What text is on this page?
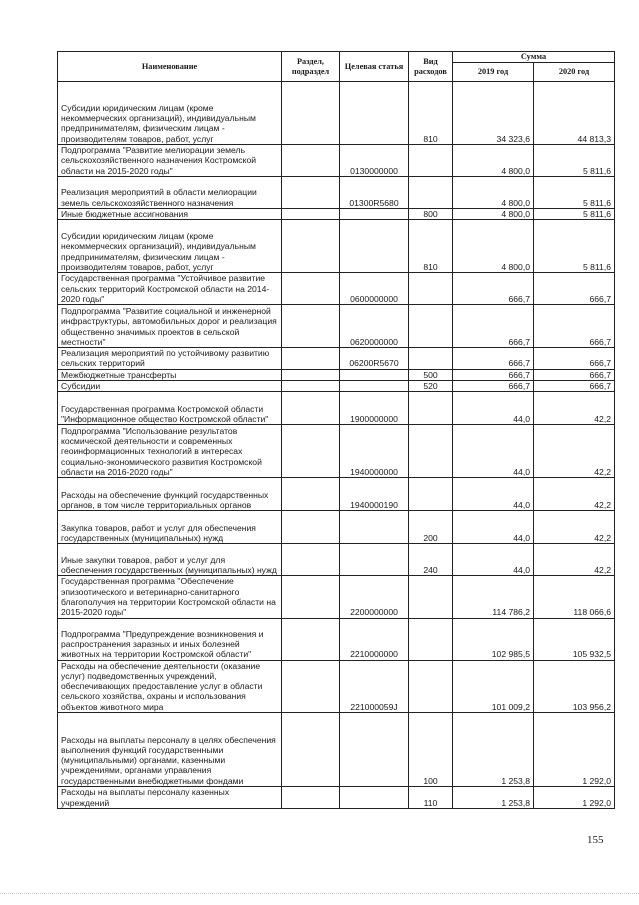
Наименование	Раздел, подраздел	Целевая статья	Вид расходов	Сумма	
				2019 год	2020 год
Субсидии юридическим лицам (кроме некоммерческих организаций), индивидуальным предпринимателям, физическим лицам - производителям товаров, работ, услуг			810	34 323,6	44 813,3
Подпрограмма "Развитие мелиорации земель сельскохозяйственного назначения Костромской области на 2015-2020 годы"		0130000000		4 800,0	5 811,6
Реализация мероприятий в области мелиорации земель сельскохозяйственного назначения		01300R5680		4 800,0	5 811,6
Иные бюджетные ассигнования			800	4 800,0	5 811,6
Субсидии юридическим лицам (кроме некоммерческих организаций), индивидуальным предпринимателям, физическим лицам - производителям товаров, работ, услуг			810	4 800,0	5 811,6
Государственная программа "Устойчивое развитие сельских территорий Костромской области на 2014-2020 годы"		0600000000		666,7	666,7
Подпрограмма "Развитие социальной и инженерной инфраструктуры, автомобильных дорог и реализация общественно значимых проектов в сельской местности"		0620000000		666,7	666,7
Реализация мероприятий по устойчивому развитию сельских территорий		06200R5670		666,7	666,7
Межбюджетные трансферты			500	666,7	666,7
Субсидии			520	666,7	666,7
Государственная программа Костромской области "Информационное общество Костромской области"		1900000000		44,0	42,2
Подпрограмма "Использование результатов космической деятельности и современных геоинформационных технологий в интересах социально-экономического развития Костромской области на 2016-2020 годы"		1940000000		44,0	42,2
Расходы на обеспечение функций государственных органов, в том числе территориальных органов		1940000190		44,0	42,2
Закупка товаров, работ и услуг для обеспечения государственных (муниципальных) нужд			200	44,0	42,2
Иные закупки товаров, работ и услуг для обеспечения государственных (муниципальных) нужд			240	44,0	42,2
Государственная программа "Обеспечение эпизоотического и ветеринарно-санитарного благополучия на территории Костромской области на 2015-2020 годы"		2200000000		114 786,2	118 066,6
Подпрограмма "Предупреждение возникновения и распространения заразных и иных болезней животных на территории Костромской области"		2210000000		102 985,5	105 932,5
Расходы на обеспечение деятельности (оказание услуг) подведомственных учреждений, обеспечивающих предоставление услуг в области сельского хозяйства, охраны и использования объектов животного мира		221000059J		101 009,2	103 956,2
Расходы на выплаты персоналу в целях обеспечения выполнения функций государственными (муниципальными) органами, казенными учреждениями, органами управления государственными внебюджетными фондами			100	1 253,8	1 292,0
Расходы на выплаты персоналу казенных учреждений			110	1 253,8	1 292,0
155
